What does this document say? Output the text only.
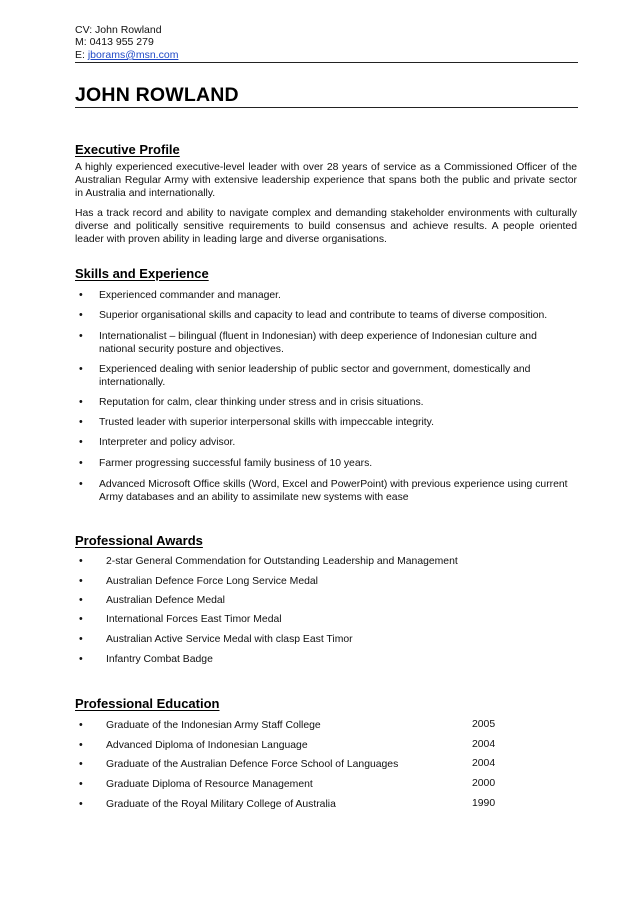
CV: John Rowland
M: 0413 955 279
E: jborams@msn.com
JOHN ROWLAND
Executive Profile
A highly experienced executive-level leader with over 28 years of service as a Commissioned Officer of the Australian Regular Army with extensive leadership experience that spans both the public and private sector in Australia and internationally.
Has a track record and ability to navigate complex and demanding stakeholder environments with culturally diverse and politically sensitive requirements to build consensus and achieve results. A people oriented leader with proven ability in leading large and diverse organisations.
Skills and Experience
• Experienced commander and manager.
• Superior organisational skills and capacity to lead and contribute to teams of diverse composition.
• Internationalist – bilingual (fluent in Indonesian) with deep experience of Indonesian culture and national security posture and objectives.
• Experienced dealing with senior leadership of public sector and government, domestically and internationally.
• Reputation for calm, clear thinking under stress and in crisis situations.
• Trusted leader with superior interpersonal skills with impeccable integrity.
• Interpreter and policy advisor.
• Farmer progressing successful family business of 10 years.
• Advanced Microsoft Office skills (Word, Excel and PowerPoint) with previous experience using current Army databases and an ability to assimilate new systems with ease
Professional Awards
• 2-star General Commendation for Outstanding Leadership and Management
• Australian Defence Force Long Service Medal
• Australian Defence Medal
• International Forces East Timor Medal
• Australian Active Service Medal with clasp East Timor
• Infantry Combat Badge
Professional Education
• Graduate of the Indonesian Army Staff College	2005
• Advanced Diploma of Indonesian Language	2004
• Graduate of the Australian Defence Force School of Languages	2004
• Graduate Diploma of Resource Management	2000
• Graduate of the Royal Military College of Australia	1990
